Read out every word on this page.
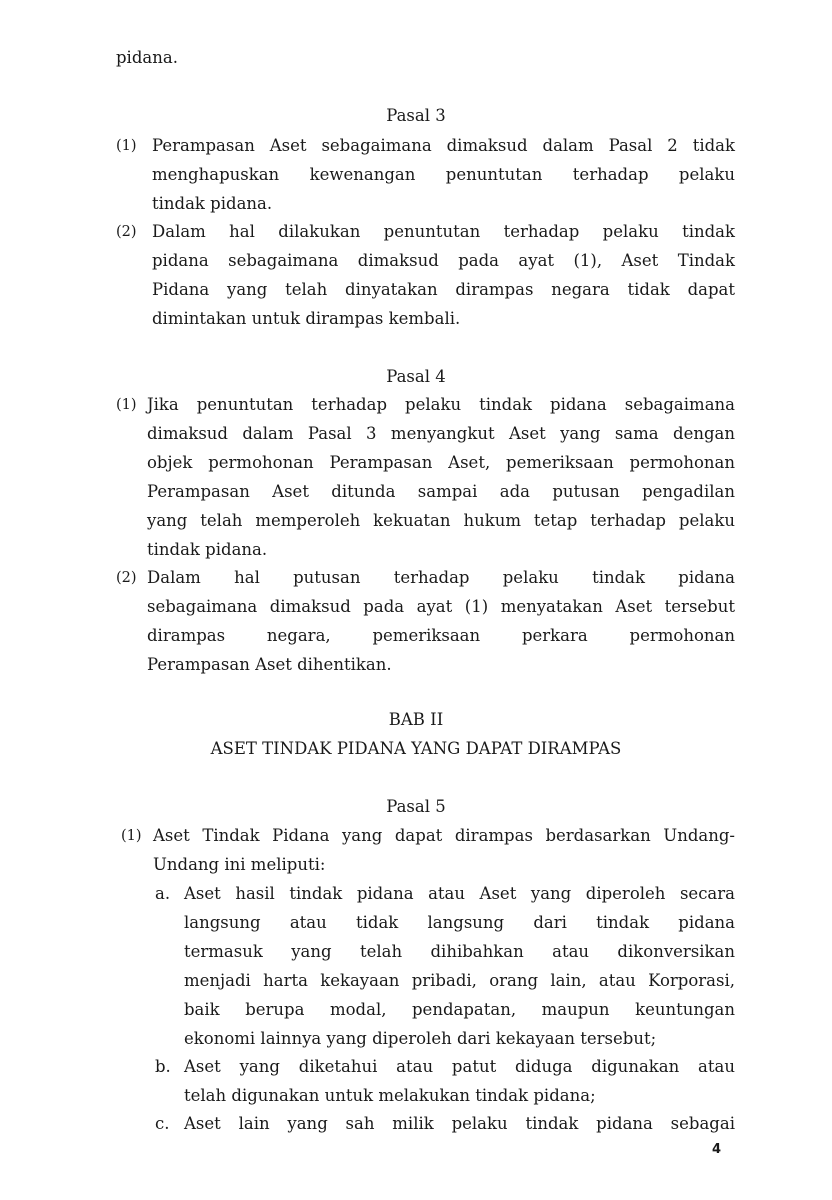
pidana.
Pasal 3
(1) Perampasan Aset sebagaimana dimaksud dalam Pasal 2 tidak
menghapuskan kewenangan penuntutan terhadap pelaku
tindak pidana.
(2) Dalam hal dilakukan penuntutan terhadap pelaku tindak
pidana sebagaimana dimaksud pada ayat (1), Aset Tindak
Pidana yang telah dinyatakan dirampas negara tidak dapat
dimintakan untuk dirampas kembali.
Pasal 4
(1) Jika penuntutan terhadap pelaku tindak pidana sebagaimana
dimaksud dalam Pasal 3 menyangkut Aset yang sama dengan
objek permohonan Perampasan Aset, pemeriksaan permohonan
Perampasan Aset ditunda sampai ada putusan pengadilan
yang telah memperoleh kekuatan hukum tetap terhadap pelaku
tindak pidana.
(2) Dalam hal putusan terhadap pelaku tindak pidana
sebagaimana dimaksud pada ayat (1) menyatakan Aset tersebut
dirampas negara, pemeriksaan perkara permohonan
Perampasan Aset dihentikan.
BAB II
ASET TINDAK PIDANA YANG DAPAT DIRAMPAS
Pasal 5
(1) Aset Tindak Pidana yang dapat dirampas berdasarkan Undang-
Undang ini meliputi:
a. Aset hasil tindak pidana atau Aset yang diperoleh secara
langsung atau tidak langsung dari tindak pidana
termasuk yang telah dihibahkan atau dikonversikan
menjadi harta kekayaan pribadi, orang lain, atau Korporasi,
baik berupa modal, pendapatan, maupun keuntungan
ekonomi lainnya yang diperoleh dari kekayaan tersebut;
b. Aset yang diketahui atau patut diduga digunakan atau
telah digunakan untuk melakukan tindak pidana;
c. Aset lain yang sah milik pelaku tindak pidana sebagai
4
